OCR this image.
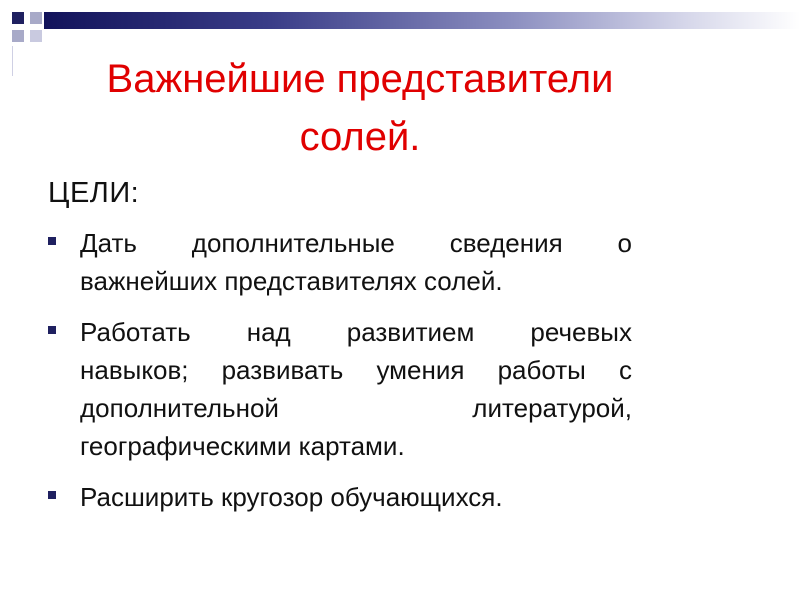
Важнейшие представители
солей.
ЦЕЛИ:
Дать дополнительные сведения о
важнейших представителях солей.
Работать над развитием речевых
навыков; развивать умения работы с
дополнительной литературой,
географическими картами.
Расширить кругозор обучающихся.
